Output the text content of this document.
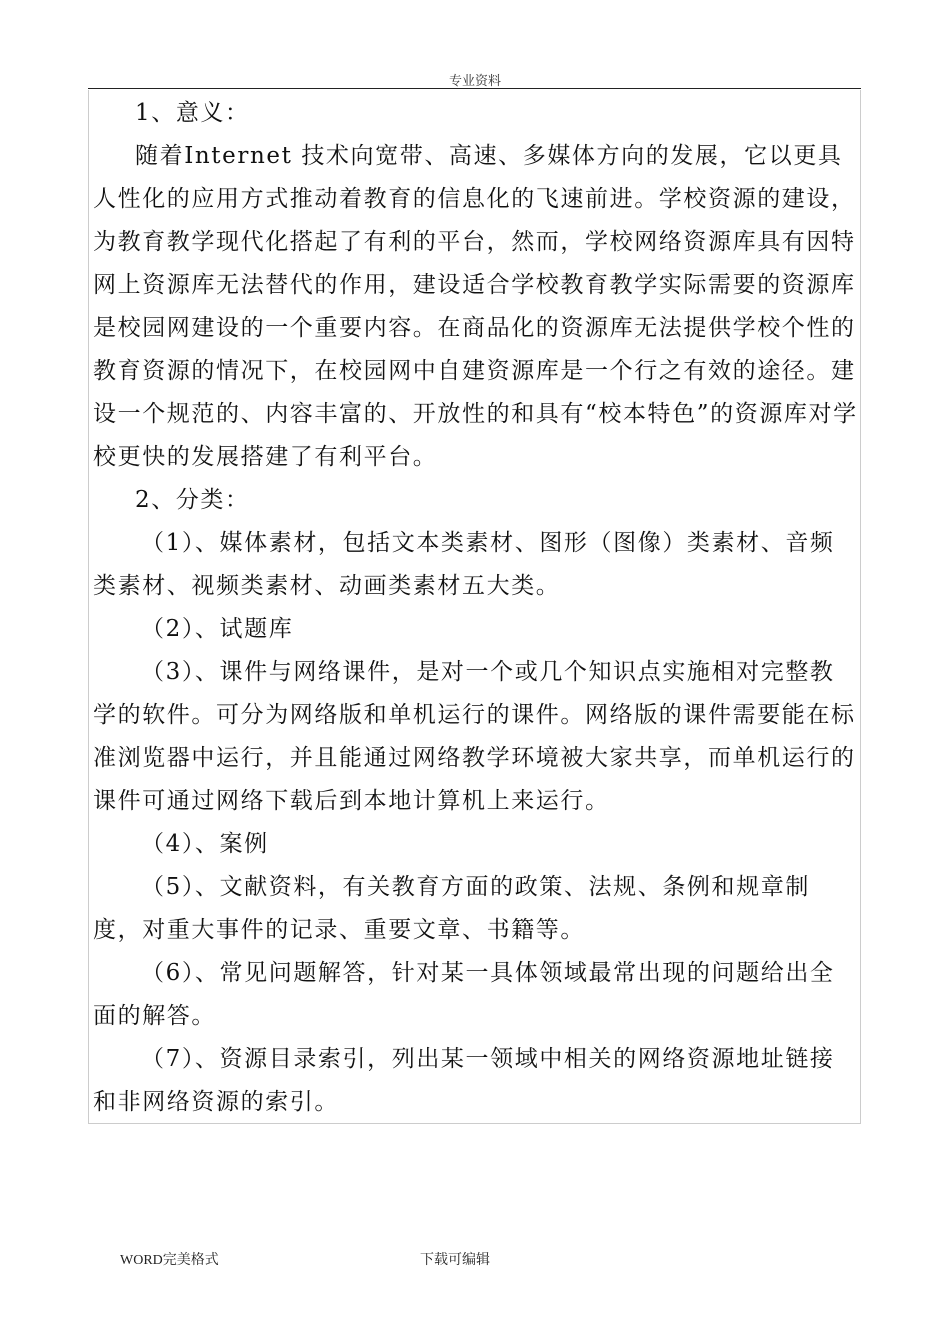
专业资料

1、意义：

随着Internet 技术向宽带、高速、多媒体方向的发展，它以更具人性化的应用方式推动着教育的信息化的飞速前进。学校资源的建设，为教育教学现代化搭起了有利的平台，然而，学校网络资源库具有因特网上资源库无法替代的作用，建设适合学校教育教学实际需要的资源库是校园网建设的一个重要内容。在商品化的资源库无法提供学校个性的教育资源的情况下，在校园网中自建资源库是一个行之有效的途径。建设一个规范的、内容丰富的、开放性的和具有“校本特色”的资源库对学校更快的发展搭建了有利平台。

2、分类：

（1）、媒体素材，包括文本类素材、图形（图像）类素材、音频类素材、视频类素材、动画类素材五大类。

（2）、试题库

（3）、课件与网络课件，是对一个或几个知识点实施相对完整教学的软件。可分为网络版和单机运行的课件。网络版的课件需要能在标准浏览器中运行，并且能通过网络教学环境被大家共享，而单机运行的课件可通过网络下载后到本地计算机上来运行。

（4）、案例

（5）、文献资料，有关教育方面的政策、法规、条例和规章制度，对重大事件的记录、重要文章、书籍等。

（6）、常见问题解答，针对某一具体领域最常出现的问题给出全面的解答。

（7）、资源目录索引，列出某一领域中相关的网络资源地址链接和非网络资源的索引。

WORD完美格式	下载可编辑
